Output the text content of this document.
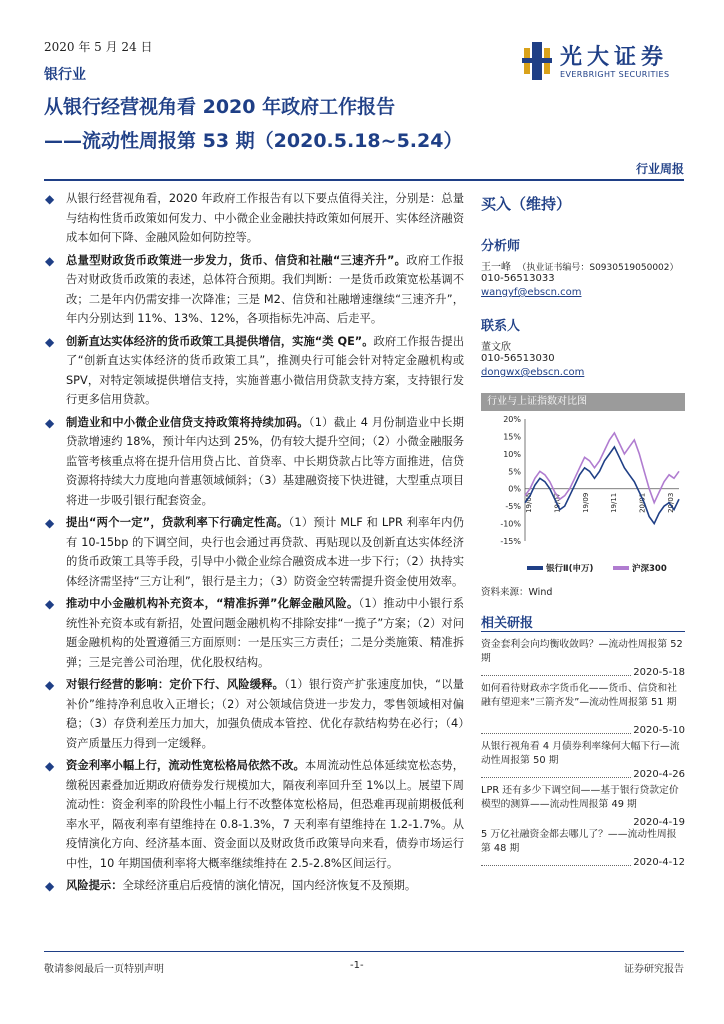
2020 年 5 月 24 日
银行业
从银行经营视角看 2020 年政府工作报告
——流动性周报第 53 期（2020.5.18~5.24）
光大证券
EVERBRIGHT SECURITIES
行业周报
◆ 从银行经营视角看，2020 年政府工作报告有以下要点值得关注，分别是：总量与结构性货币政策如何发力、中小微企业金融扶持政策如何展开、实体经济融资成本如何下降、金融风险如何防控等。
◆ 总量型财政货币政策进一步发力，货币、信贷和社融“三速齐升”。政府工作报告对财政货币政策的表述，总体符合预期。我们判断：一是货币政策宽松基调不改；二是年内仍需安排一次降准；三是 M2、信贷和社融增速继续“三速齐升”，年内分别达到 11%、13%、12%，各项指标先冲高、后走平。
◆ 创新直达实体经济的货币政策工具提供增信，实施“类 QE”。政府工作报告提出了“创新直达实体经济的货币政策工具”，推测央行可能会针对特定金融机构或 SPV，对特定领域提供增信支持，实施普惠小微信用贷款支持方案，支持银行发行更多信用贷款。
◆ 制造业和中小微企业信贷支持政策将持续加码。（1）截止 4 月份制造业中长期贷款增速约 18%，预计年内达到 25%，仍有较大提升空间；（2）小微金融服务监管考核重点将在提升信用贷占比、首贷率、中长期贷款占比等方面推进，信贷资源将持续大力度地向普惠领域倾斜；（3）基建融资接下快进键，大型重点项目将进一步吸引银行配套资金。
◆ 提出“两个一定”，贷款利率下行确定性高。（1）预计 MLF 和 LPR 利率年内仍有 10-15bp 的下调空间，央行也会通过再贷款、再贴现以及创新直达实体经济的货币政策工具等手段，引导中小微企业综合融资成本进一步下行；（2）执持实体经济需坚持“三方让利”，银行是主力；（3）防资金空转需提升资金使用效率。
◆ 推动中小金融机构补充资本，“精准拆弹”化解金融风险。（1）推动中小银行系统性补充资本或有新招，处置问题金融机构不排除安排“一揽子”方案；（2）对问题金融机构的处置遵循三方面原则：一是压实三方责任；二是分类施策、精准拆弹；三是完善公司治理，优化股权结构。
◆ 对银行经营的影响：定价下行、风险缓释。（1）银行资产扩张速度加快，“以量补价”维持净利息收入正增长；（2）对公领域信贷进一步发力，零售领域相对偏稳；（3）存贷利差压力加大，加强负债成本管控、优化存款结构势在必行；（4）资产质量压力得到一定缓释。
◆ 资金利率小幅上行，流动性宽松格局依然不改。本周流动性总体延续宽松态势，缴税因素叠加近期政府债券发行规模加大，隔夜利率回升至 1%以上。展望下周流动性：资金利率的阶段性小幅上行不改整体宽松格局，但恐难再现前期极低利率水平，隔夜利率有望维持在 0.8-1.3%，7 天利率有望维持在 1.2-1.7%。从疫情演化方向、经济基本面、资金面以及财政货币政策导向来看，债券市场运行中性，10 年期国债利率将大概率继续维持在 2.5-2.8%区间运行。
◆ 风险提示：全球经济重启后疫情的演化情况，国内经济恢复不及预期。
买入（维持）
分析师
王一峰 （执业证书编号：S0930519050002）
010-56513033
wangyf@ebscn.com
联系人
董文欣
010-56513030
dongwx@ebscn.com
行业与上证指数对比图
20%
15%
10%
5%
0%
-5%
-10%
-15%
19/05	19/07	19/09	19/11	20/01	20/03
银行Ⅱ(申万)	沪深300
资料来源：Wind
相关研报
资金套利会向均衡收敛吗？—流动性周报第 52 期
2020-5-18
如何看待财政赤字货币化——货币、信贷和社融有望迎来“三箭齐发”—流动性周报第 51 期
2020-5-10
从银行视角看 4 月债券利率缘何大幅下行—流动性周报第 50 期
2020-4-26
LPR 还有多少下调空间——基于银行贷款定价模型的测算——流动性周报第 49 期
2020-4-19
5 万亿社融资金都去哪儿了？——流动性周报第 48 期
2020-4-12
敬请参阅最后一页特别声明	-1-	证券研究报告
